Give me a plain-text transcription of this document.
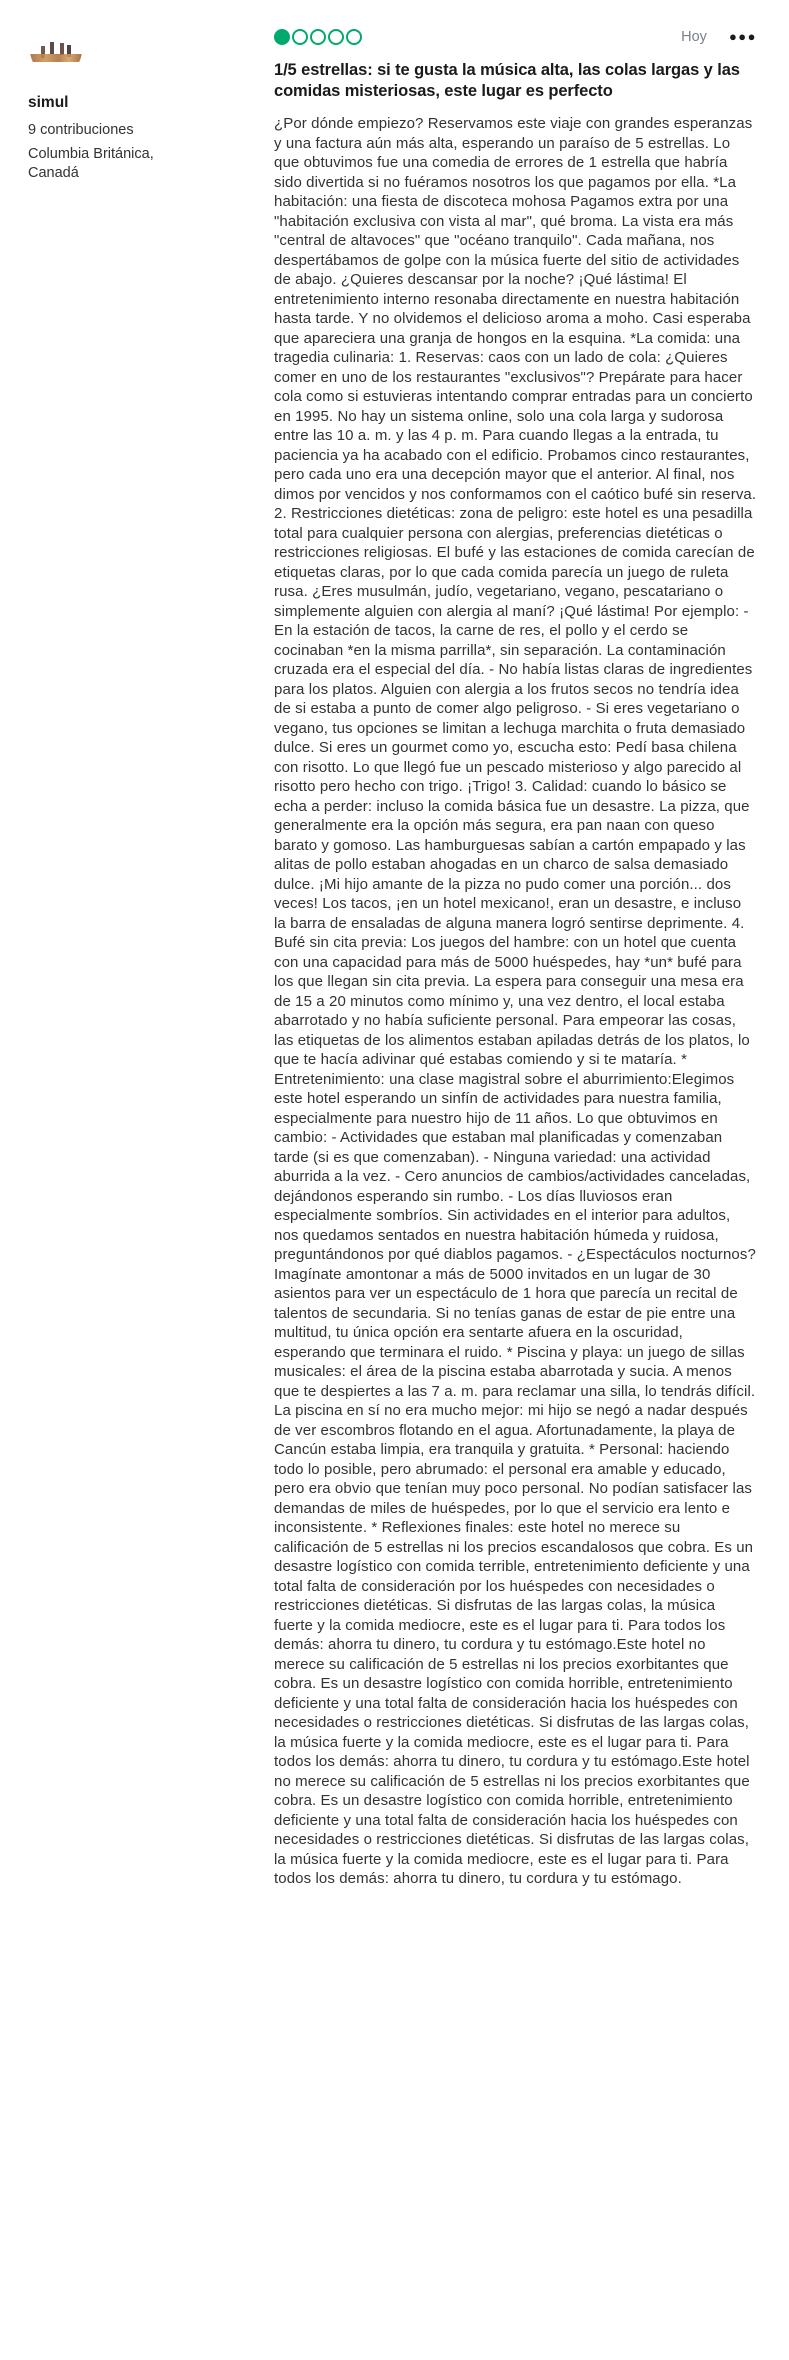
simul
9 contribuciones
Columbia Británica, Canadá
Hoy ●●●
1/5 estrellas: si te gusta la música alta, las colas largas y las comidas misteriosas, este lugar es perfecto

¿Por dónde empiezo? Reservamos este viaje con grandes esperanzas y una factura aún más alta, esperando un paraíso de 5 estrellas. Lo que obtuvimos fue una comedia de errores de 1 estrella que habría sido divertida si no fuéramos nosotros los que pagamos por ella. *La habitación: una fiesta de discoteca mohosa Pagamos extra por una "habitación exclusiva con vista al mar", qué broma. La vista era más "central de altavoces" que "océano tranquilo". Cada mañana, nos despertábamos de golpe con la música fuerte del sitio de actividades de abajo. ¿Quieres descansar por la noche? ¡Qué lástima! El entretenimiento interno resonaba directamente en nuestra habitación hasta tarde. Y no olvidemos el delicioso aroma a moho. Casi esperaba que apareciera una granja de hongos en la esquina. *La comida: una tragedia culinaria: 1. Reservas: caos con un lado de cola: ¿Quieres comer en uno de los restaurantes "exclusivos"? Prepárate para hacer cola como si estuvieras intentando comprar entradas para un concierto en 1995. No hay un sistema online, solo una cola larga y sudorosa entre las 10 a. m. y las 4 p. m. Para cuando llegas a la entrada, tu paciencia ya ha acabado con el edificio. Probamos cinco restaurantes, pero cada uno era una decepción mayor que el anterior. Al final, nos dimos por vencidos y nos conformamos con el caótico bufé sin reserva. 2. Restricciones dietéticas: zona de peligro: este hotel es una pesadilla total para cualquier persona con alergias, preferencias dietéticas o restricciones religiosas. El bufé y las estaciones de comida carecían de etiquetas claras, por lo que cada comida parecía un juego de ruleta rusa. ¿Eres musulmán, judío, vegetariano, vegano, pescatariano o simplemente alguien con alergia al maní? ¡Qué lástima! Por ejemplo: - En la estación de tacos, la carne de res, el pollo y el cerdo se cocinaban *en la misma parrilla*, sin separación. La contaminación cruzada era el especial del día. - No había listas claras de ingredientes para los platos. Alguien con alergia a los frutos secos no tendría idea de si estaba a punto de comer algo peligroso. - Si eres vegetariano o vegano, tus opciones se limitan a lechuga marchita o fruta demasiado dulce. Si eres un gourmet como yo, escucha esto: Pedí basa chilena con risotto. Lo que llegó fue un pescado misterioso y algo parecido al risotto pero hecho con trigo. ¡Trigo! 3. Calidad: cuando lo básico se echa a perder: incluso la comida básica fue un desastre. La pizza, que generalmente era la opción más segura, era pan naan con queso barato y gomoso. Las hamburguesas sabían a cartón empapado y las alitas de pollo estaban ahogadas en un charco de salsa demasiado dulce. ¡Mi hijo amante de la pizza no pudo comer una porción... dos veces! Los tacos, ¡en un hotel mexicano!, eran un desastre, e incluso la barra de ensaladas de alguna manera logró sentirse deprimente. 4. Bufé sin cita previa: Los juegos del hambre: con un hotel que cuenta con una capacidad para más de 5000 huéspedes, hay *un* bufé para los que llegan sin cita previa. La espera para conseguir una mesa era de 15 a 20 minutos como mínimo y, una vez dentro, el local estaba abarrotado y no había suficiente personal. Para empeorar las cosas, las etiquetas de los alimentos estaban apiladas detrás de los platos, lo que te hacía adivinar qué estabas comiendo y si te mataría. * Entretenimiento: una clase magistral sobre el aburrimiento:Elegimos este hotel esperando un sinfín de actividades para nuestra familia, especialmente para nuestro hijo de 11 años. Lo que obtuvimos en cambio: - Actividades que estaban mal planificadas y comenzaban tarde (si es que comenzaban). - Ninguna variedad: una actividad aburrida a la vez. - Cero anuncios de cambios/actividades canceladas, dejándonos esperando sin rumbo. - Los días lluviosos eran especialmente sombríos. Sin actividades en el interior para adultos, nos quedamos sentados en nuestra habitación húmeda y ruidosa, preguntándonos por qué diablos pagamos. - ¿Espectáculos nocturnos? Imagínate amontonar a más de 5000 invitados en un lugar de 30 asientos para ver un espectáculo de 1 hora que parecía un recital de talentos de secundaria. Si no tenías ganas de estar de pie entre una multitud, tu única opción era sentarte afuera en la oscuridad, esperando que terminara el ruido. * Piscina y playa: un juego de sillas musicales: el área de la piscina estaba abarrotada y sucia. A menos que te despiertes a las 7 a. m. para reclamar una silla, lo tendrás difícil. La piscina en sí no era mucho mejor: mi hijo se negó a nadar después de ver escombros flotando en el agua. Afortunadamente, la playa de Cancún estaba limpia, era tranquila y gratuita. * Personal: haciendo todo lo posible, pero abrumado: el personal era amable y educado, pero era obvio que tenían muy poco personal. No podían satisfacer las demandas de miles de huéspedes, por lo que el servicio era lento e inconsistente. * Reflexiones finales: este hotel no merece su calificación de 5 estrellas ni los precios escandalosos que cobra. Es un desastre logístico con comida terrible, entretenimiento deficiente y una total falta de consideración por los huéspedes con necesidades o restricciones dietéticas. Si disfrutas de las largas colas, la música fuerte y la comida mediocre, este es el lugar para ti. Para todos los demás: ahorra tu dinero, tu cordura y tu estómago.Este hotel no merece su calificación de 5 estrellas ni los precios exorbitantes que cobra. Es un desastre logístico con comida horrible, entretenimiento deficiente y una total falta de consideración hacia los huéspedes con necesidades o restricciones dietéticas. Si disfrutas de las largas colas, la música fuerte y la comida mediocre, este es el lugar para ti. Para todos los demás: ahorra tu dinero, tu cordura y tu estómago.Este hotel no merece su calificación de 5 estrellas ni los precios exorbitantes que cobra. Es un desastre logístico con comida horrible, entretenimiento deficiente y una total falta de consideración hacia los huéspedes con necesidades o restricciones dietéticas. Si disfrutas de las largas colas, la música fuerte y la comida mediocre, este es el lugar para ti. Para todos los demás: ahorra tu dinero, tu cordura y tu estómago.
